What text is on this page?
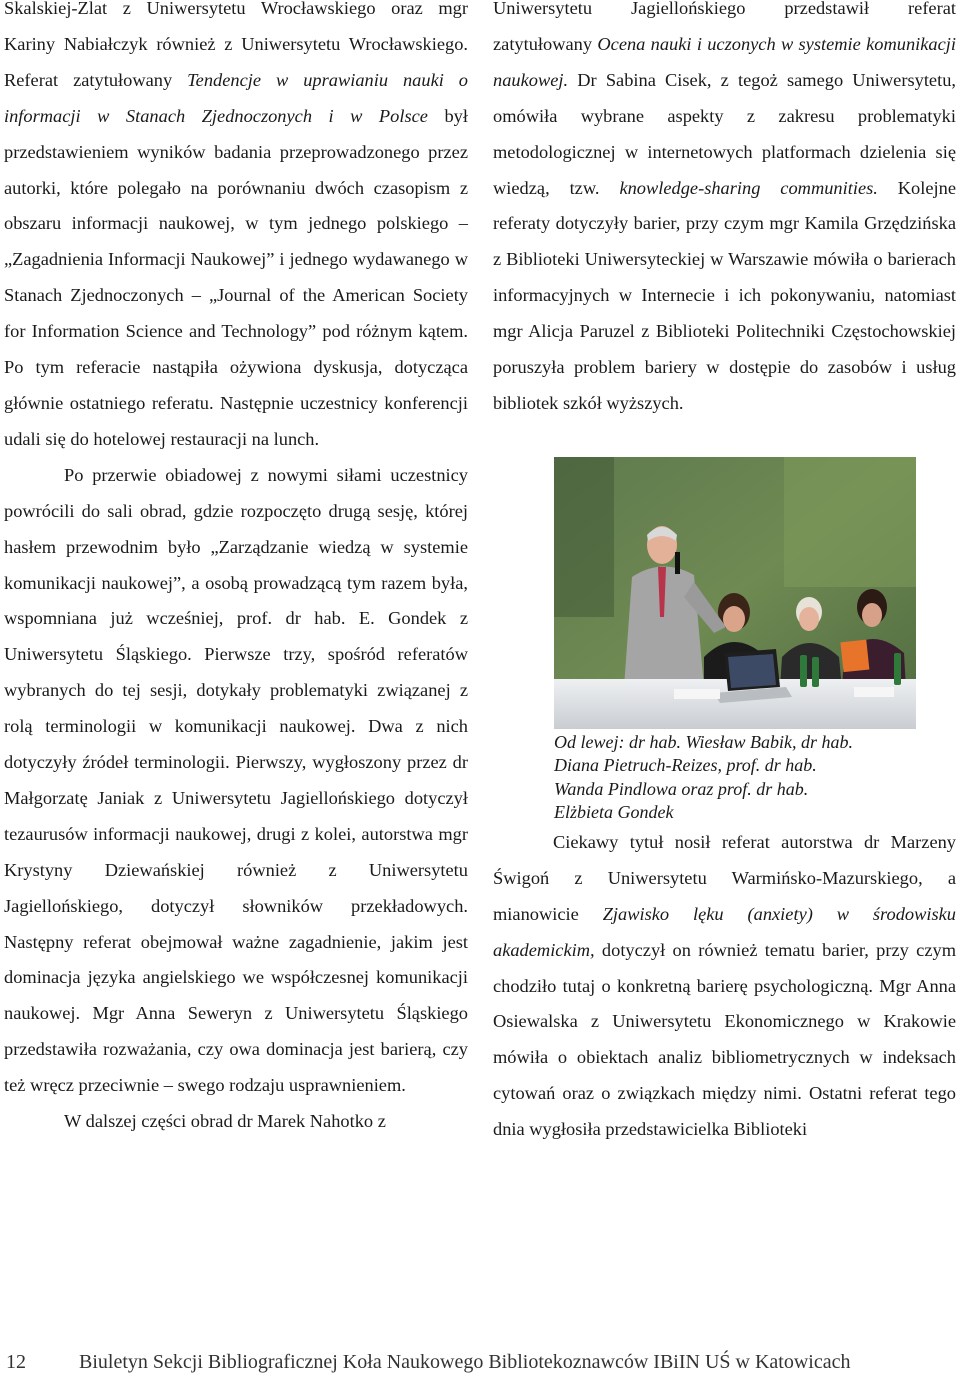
Skalskiej-Zlat z Uniwersytetu Wrocławskiego oraz mgr Kariny Nabiałczyk również z Uniwersytetu Wrocławskiego. Referat zatytułowany Tendencje w uprawianiu nauki o informacji w Stanach Zjednoczonych i w Polsce był przedstawieniem wyników badania przeprowadzonego przez autorki, które polegało na porównaniu dwóch czasopism z obszaru informacji naukowej, w tym jednego polskiego – „Zagadnienia Informacji Naukowej” i jednego wydawanego w Stanach Zjednoczonych – „Journal of the American Society for Information Science and Technology” pod różnym kątem. Po tym referacie nastąpiła ożywiona dyskusja, dotycząca głównie ostatniego referatu. Następnie uczestnicy konferencji udali się do hotelowej restauracji na lunch.

Po przerwie obiadowej z nowymi siłami uczestnicy powrócili do sali obrad, gdzie rozpoczęto drugą sesję, której hasłem przewodnim było „Zarządzanie wiedzą w systemie komunikacji naukowej”, a osobą prowadzącą tym razem była, wspomniana już wcześniej, prof. dr hab. E. Gondek z Uniwersytetu Śląskiego. Pierwsze trzy, spośród referatów wybranych do tej sesji, dotykały problematyki związanej z rolą terminologii w komunikacji naukowej. Dwa z nich dotyczyły źródeł terminologii. Pierwszy, wygłoszony przez dr Małgorzatę Janiak z Uniwersytetu Jagiellońskiego dotyczył tezaurusów informacji naukowej, drugi z kolei, autorstwa mgr Krystyny Dziewańskiej również z Uniwersytetu Jagiellońskiego, dotyczył słowników przekładowych. Następny referat obejmował ważne zagadnienie, jakim jest dominacja języka angielskiego we współczesnej komunikacji naukowej. Mgr Anna Seweryn z Uniwersytetu Śląskiego przedstawiła rozważania, czy owa dominacja jest barierą, czy też wręcz przeciwnie – swego rodzaju usprawnieniem.

W dalszej części obrad dr Marek Nahotko z

Uniwersytetu Jagiellońskiego przedstawił referat zatytułowany Ocena nauki i uczonych w systemie komunikacji naukowej. Dr Sabina Cisek, z tegoż samego Uniwersytetu, omówiła wybrane aspekty z zakresu problematyki metodologicznej w internetowych platformach dzielenia się wiedzą, tzw. knowledge-sharing communities. Kolejne referaty dotyczyły barier, przy czym mgr Kamila Grzędzińska z Biblioteki Uniwersyteckiej w Warszawie mówiła o barierach informacyjnych w Internecie i ich pokonywaniu, natomiast mgr Alicja Paruzel z Biblioteki Politechniki Częstochowskiej poruszyła problem bariery w dostępie do zasobów i usług bibliotek szkół wyższych.

Od lewej: dr hab. Wiesław Babik, dr hab.
Diana Pietruch-Reizes, prof. dr hab.
Wanda Pindlowa oraz prof. dr hab.
Elżbieta Gondek

Ciekawy tytuł nosił referat autorstwa dr Marzeny Świgoń z Uniwersytetu Warmińsko-Mazurskiego, a mianowicie Zjawisko lęku (anxiety) w środowisku akademickim, dotyczył on również tematu barier, przy czym chodziło tutaj o konkretną barierę psychologiczną. Mgr Anna Osiewalska z Uniwersytetu Ekonomicznego w Krakowie mówiła o obiektach analiz bibliometrycznych w indeksach cytowań oraz o związkach między nimi. Ostatni referat tego dnia wygłosiła przedstawicielka Biblioteki

12	Biuletyn Sekcji Bibliograficznej Koła Naukowego Bibliotekoznawców IBiIN UŚ w Katowicach
